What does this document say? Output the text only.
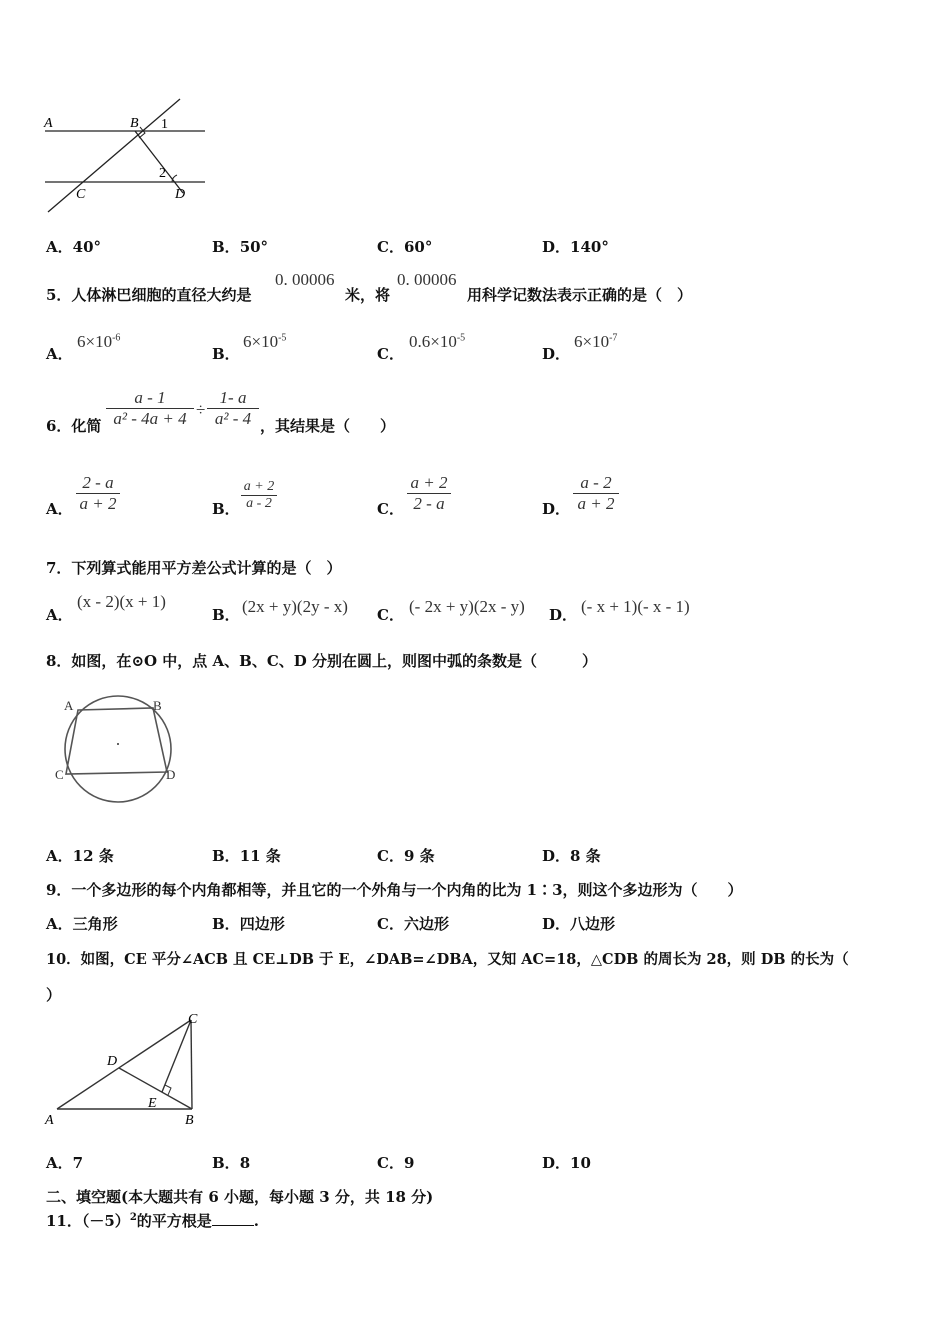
A	B 1
2
C	D
A．40°	B．50°	C．60°	D．140°
5．人体淋巴细胞的直径大约是
0. 00006
米，将
0. 00006
用科学记数法表示正确的是（　）
A．
$6\times 10^{-6}$
B．
$6\times 10^{-5}$
C．
$0.6\times 10^{-5}$
D．
$6\times 10^{-7}$
6．化简
a - 1
a² - 4a + 4 ÷
1- a
a² - 4 ，其结果是（　　）
A．
2 - a
a + 2	B．
a + 2
a - 2	C．
a + 2
2 - a	D．
a - 2
a + 2
7．下列算式能用平方差公式计算的是（　）
A．
(x - 2)(x + 1)
B． (2x + y)(2y - x) C． (- 2x + y)(2x - y) D． (- x + 1)(- x - 1)
8．如图，在⊙O 中，点 A、B、C、D 分别在圆上，则图中弧的条数是（　　　）
A	B
C	D
A．12 条	B．11 条	C．9 条	D．8 条
9．一个多边形的每个内角都相等，并且它的一个外角与一个内角的比为 1∶3，则这个多边形为（　　）
A．三角形	B．四边形	C．六边形	D．八边形
10．如图，CE 平分∠ACB 且 CE⊥DB 于 E，∠DAB=∠DBA，又知 AC=18，△CDB 的周长为 28，则 DB 的长为（
）
C
D
E
A	B
A．7	B．8	C．9	D．10
二、填空题(本大题共有 6 小题，每小题 3 分，共 18 分)
11．$(-5)^2$的平方根是	.
